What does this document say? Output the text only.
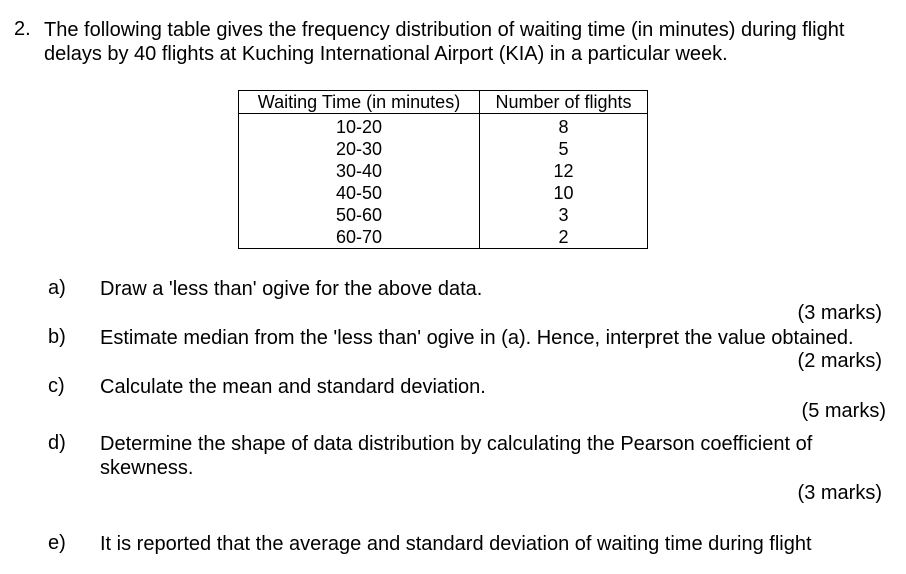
2. The following table gives the frequency distribution of waiting time (in minutes) during flight delays by 40 flights at Kuching International Airport (KIA) in a particular week.
Waiting Time (in minutes)	Number of flights
10-20	8
20-30	5
30-40	12
40-50	10
50-60	3
60-70	2
a) Draw a 'less than' ogive for the above data.
(3 marks)
b) Estimate median from the 'less than' ogive in (a). Hence, interpret the value obtained.
(2 marks)
c) Calculate the mean and standard deviation.
(5 marks)
d) Determine the shape of data distribution by calculating the Pearson coefficient of skewness.
(3 marks)
e) It is reported that the average and standard deviation of waiting time during flight
